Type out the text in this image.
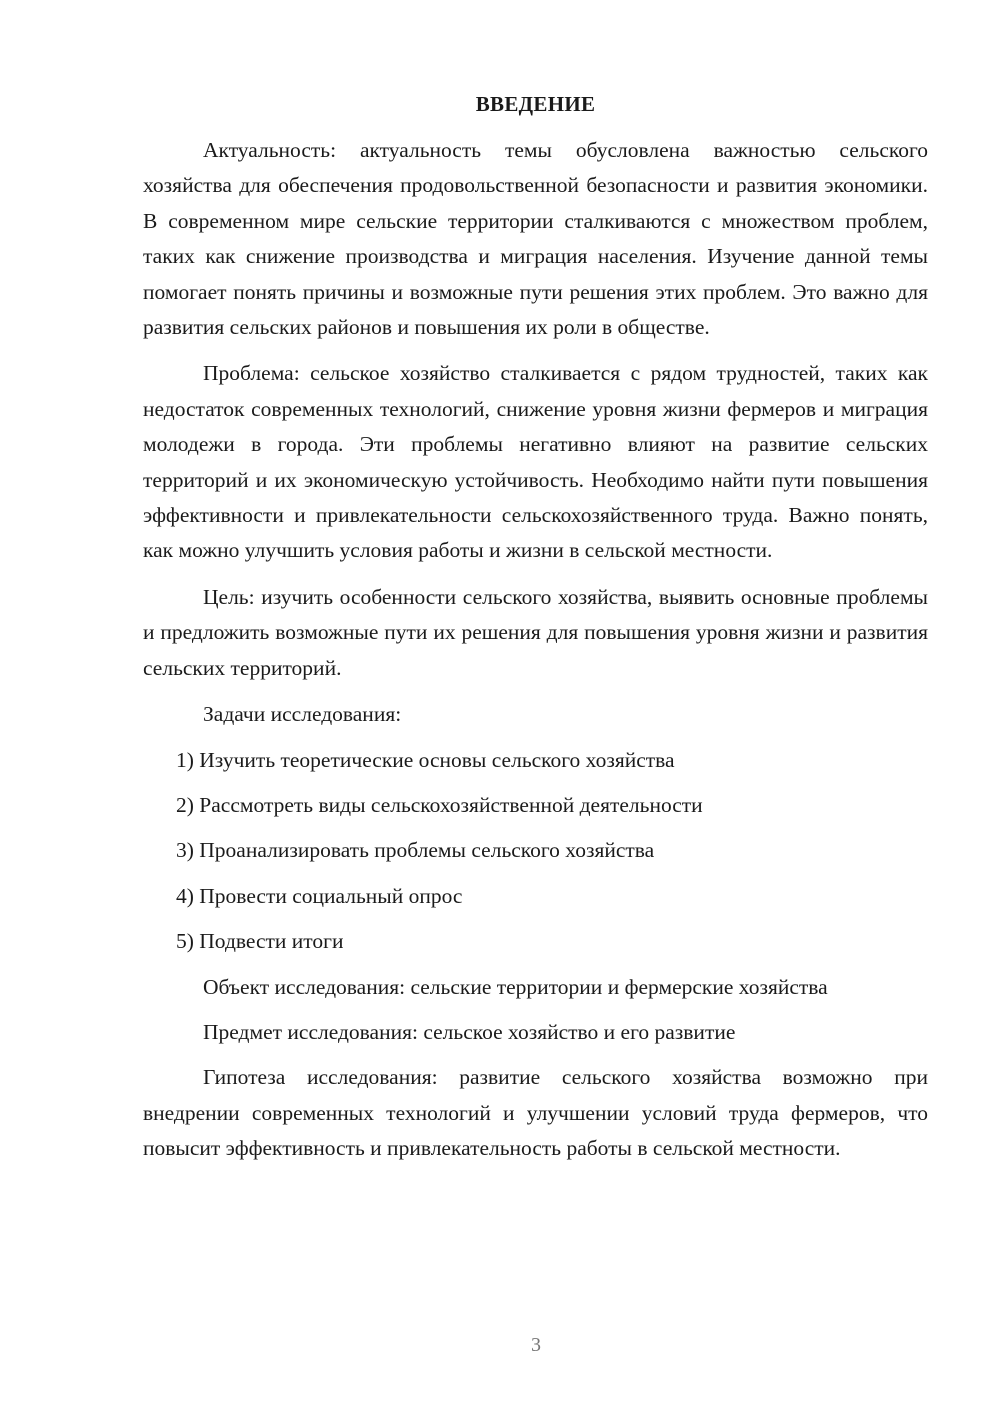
ВВЕДЕНИЕ

Актуальность: актуальность темы обусловлена важностью сельского хозяйства для обеспечения продовольственной безопасности и развития экономики. В современном мире сельские территории сталкиваются с множеством проблем, таких как снижение производства и миграция населения. Изучение данной темы помогает понять причины и возможные пути решения этих проблем. Это важно для развития сельских районов и повышения их роли в обществе.

Проблема: сельское хозяйство сталкивается с рядом трудностей, таких как недостаток современных технологий, снижение уровня жизни фермеров и миграция молодежи в города. Эти проблемы негативно влияют на развитие сельских территорий и их экономическую устойчивость. Необходимо найти пути повышения эффективности и привлекательности сельскохозяйственного труда. Важно понять, как можно улучшить условия работы и жизни в сельской местности.

Цель: изучить особенности сельского хозяйства, выявить основные проблемы и предложить возможные пути их решения для повышения уровня жизни и развития сельских территорий.

Задачи исследования:
1) Изучить теоретические основы сельского хозяйства
2) Рассмотреть виды сельскохозяйственной деятельности
3) Проанализировать проблемы сельского хозяйства
4) Провести социальный опрос
5) Подвести итоги
Объект исследования: сельские территории и фермерские хозяйства
Предмет исследования: сельское хозяйство и его развитие

Гипотеза исследования: развитие сельского хозяйства возможно при внедрении современных технологий и улучшении условий труда фермеров, что повысит эффективность и привлекательность работы в сельской местности.

3
